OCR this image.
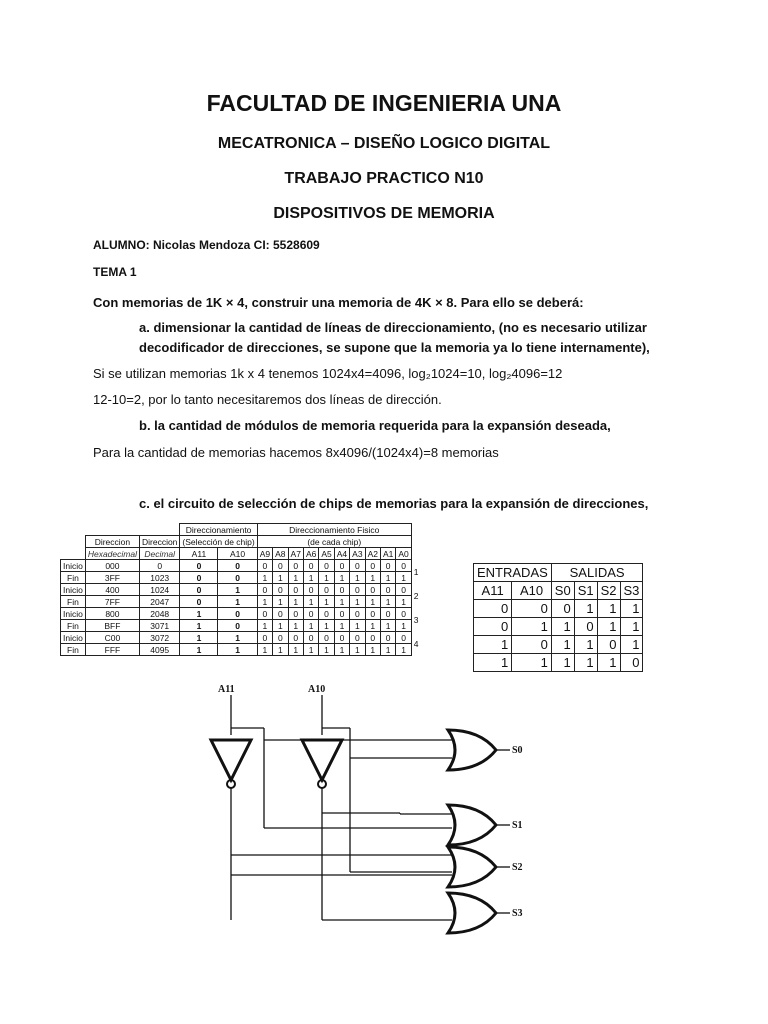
FACULTAD DE INGENIERIA UNA
MECATRONICA – DISEÑO LOGICO DIGITAL
TRABAJO PRACTICO N10
DISPOSITIVOS DE MEMORIA
ALUMNO: Nicolas Mendoza CI: 5528609
TEMA 1
Con memorias de 1K × 4, construir una memoria de 4K × 8. Para ello se deberá:
a. dimensionar la cantidad de líneas de direccionamiento, (no es necesario utilizar
decodificador de direcciones, se supone que la memoria ya lo tiene internamente),
Si se utilizan memorias 1k x 4 tenemos 1024x4=4096, log₂1024=10, log₂4096=12
12-10=2, por lo tanto necesitaremos dos líneas de dirección.
b. la cantidad de módulos de memoria requerida para la expansión deseada,
Para la cantidad de memorias hacemos 8x4096/(1024x4)=8 memorias
c. el circuito de selección de chips de memorias para la expansión de direcciones,
			Direccionamiento		Direccionamiento Fisico										
	Direccion	Direccion	(Selección de chip)		(de cada chip)										
	Hexadecimal	Decimal	A11	A10	A9	A8	A7	A6	A5	A4	A3	A2	A1	A0	
Inicio	000	0	0	0	0	0	0	0	0	0	0	0	0	0	1
Fin	3FF	1023	0	0	1	1	1	1	1	1	1	1	1	1	
Inicio	400	1024	0	1	0	0	0	0	0	0	0	0	0	0	2
Fin	7FF	2047	0	1	1	1	1	1	1	1	1	1	1	1	
Inicio	800	2048	1	0	0	0	0	0	0	0	0	0	0	0	3
Fin	BFF	3071	1	0	1	1	1	1	1	1	1	1	1	1	
Inicio	C00	3072	1	1	0	0	0	0	0	0	0	0	0	0	4
Fin	FFF	4095	1	1	1	1	1	1	1	1	1	1	1	1	
ENTRADAS		SALIDAS			
A11	A10	S0	S1	S2	S3
0	0	0	1	1	1
0	1	1	0	1	1
1	0	1	1	0	1
1	1	1	1	1	0
A11	A10
S0
S1
S2
S3
